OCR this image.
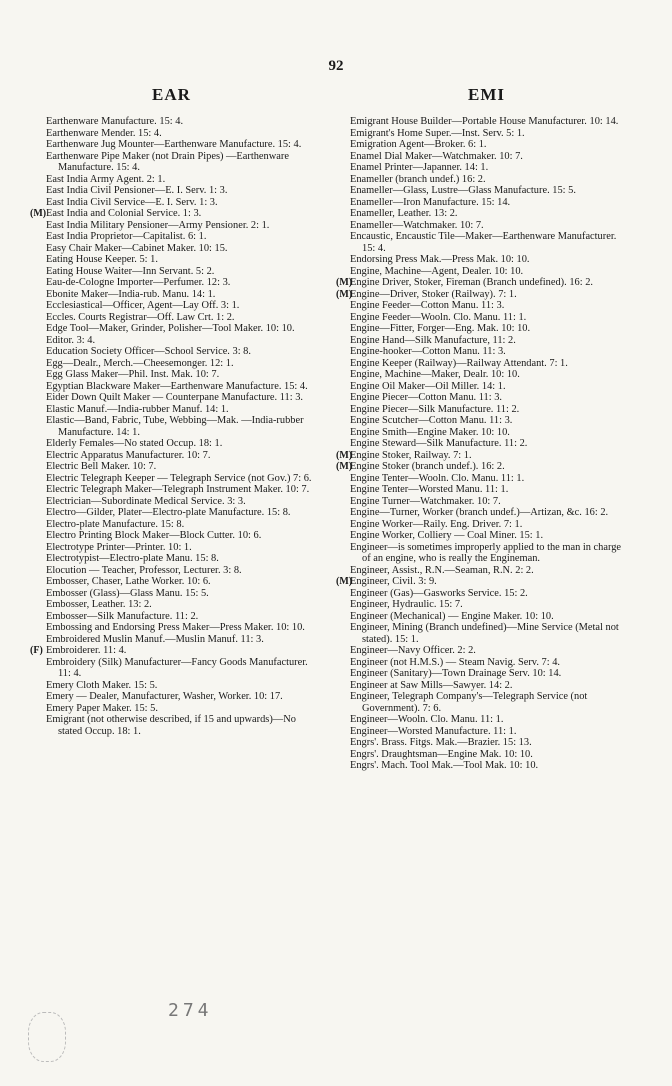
92
EAR	EMI

Earthenware Manufacture. 15: 4.

Earthenware Mender. 15: 4.

Earthenware Jug Mounter—Earthenware Manufacture. 15: 4.

Earthenware Pipe Maker (not Drain Pipes) —Earthenware Manufacture. 15: 4.

East India Army Agent. 2: 1.

East India Civil Pensioner—E. I. Serv. 1: 3.

East India Civil Service—E. I. Serv. 1: 3.

(M) East India and Colonial Service. 1: 3.

East India Military Pensioner—Army Pensioner. 2: 1.

East India Proprietor—Capitalist. 6: 1.

Easy Chair Maker—Cabinet Maker. 10: 15.

Eating House Keeper. 5: 1.

Eating House Waiter—Inn Servant. 5: 2.

Eau-de-Cologne Importer—Perfumer. 12: 3.

Ebonite Maker—India-rub. Manu. 14: 1.

Ecclesiastical—Officer, Agent—Lay Off. 3: 1.

Eccles. Courts Registrar—Off. Law Crt. 1: 2.

Edge Tool—Maker, Grinder, Polisher—Tool Maker. 10: 10.

Editor. 3: 4.

Education Society Officer—School Service. 3: 8.

Egg—Dealr., Merch.—Cheesemonger. 12: 1.

Egg Glass Maker—Phil. Inst. Mak. 10: 7.

Egyptian Blackware Maker—Earthenware Manufacture. 15: 4.

Eider Down Quilt Maker — Counterpane Manufacture. 11: 3.

Elastic Manuf.—India-rubber Manuf. 14: 1.

Elastic—Band, Fabric, Tube, Webbing—Mak. —India-rubber Manufacture. 14: 1.

Elderly Females—No stated Occup. 18: 1.

Electric Apparatus Manufacturer. 10: 7.

Electric Bell Maker. 10: 7.

Electric Telegraph Keeper — Telegraph Service (not Gov.) 7: 6.

Electric Telegraph Maker—Telegraph Instrument Maker. 10: 7.

Electrician—Subordinate Medical Service. 3: 3.

Electro—Gilder, Plater—Electro-plate Manufacture. 15: 8.

Electro-plate Manufacture. 15: 8.

Electro Printing Block Maker—Block Cutter. 10: 6.

Electrotype Printer—Printer. 10: 1.

Electrotypist—Electro-plate Manu. 15: 8.

Elocution — Teacher, Professor, Lecturer. 3: 8.

Embosser, Chaser, Lathe Worker. 10: 6.

Embosser (Glass)—Glass Manu. 15: 5.

Embosser, Leather. 13: 2.

Embosser—Silk Manufacture. 11: 2.

Embossing and Endorsing Press Maker—Press Maker. 10: 10.

Embroidered Muslin Manuf.—Muslin Manuf. 11: 3.

(F) Embroiderer. 11: 4.

Embroidery (Silk) Manufacturer—Fancy Goods Manufacturer. 11: 4.

Emery Cloth Maker. 15: 5.

Emery — Dealer, Manufacturer, Washer, Worker. 10: 17.

Emery Paper Maker. 15: 5.

Emigrant (not otherwise described, if 15 and upwards)—No stated Occup. 18: 1.

Emigrant House Builder—Portable House Manufacturer. 10: 14.

Emigrant's Home Super.—Inst. Serv. 5: 1.

Emigration Agent—Broker. 6: 1.

Enamel Dial Maker—Watchmaker. 10: 7.

Enamel Printer—Japanner. 14: 1.

Enameller (branch undef.) 16: 2.

Enameller—Glass, Lustre—Glass Manufacture. 15: 5.

Enameller—Iron Manufacture. 15: 14.

Enameller, Leather. 13: 2.

Enameller—Watchmaker. 10: 7.

Encaustic, Encaustic Tile—Maker—Earthenware Manufacturer. 15: 4.

Endorsing Press Mak.—Press Mak. 10: 10.

Engine, Machine—Agent, Dealer. 10: 10.

(M)
Engine Driver, Stoker, Fireman (Branch undefined). 16: 2.

(M)
Engine—Driver, Stoker (Railway). 7: 1.

Engine Feeder—Cotton Manu. 11: 3.

Engine Feeder—Wooln. Clo. Manu. 11: 1.

Engine—Fitter, Forger—Eng. Mak. 10: 10.

Engine Hand—Silk Manufacture, 11: 2.

Engine-hooker—Cotton Manu. 11: 3.

Engine Keeper (Railway)—Railway Attendant. 7: 1.

Engine, Machine—Maker, Dealr. 10: 10.

Engine Oil Maker—Oil Miller. 14: 1.

Engine Piecer—Cotton Manu. 11: 3.

Engine Piecer—Silk Manufacture. 11: 2.

Engine Scutcher—Cotton Manu. 11: 3.

Engine Smith—Engine Maker. 10: 10.

Engine Steward—Silk Manufacture. 11: 2.

(M)
Engine Stoker, Railway. 7: 1.

(M)
Engine Stoker (branch undef.). 16: 2.

Engine Tenter—Wooln. Clo. Manu. 11: 1.

Engine Tenter—Worsted Manu. 11: 1.

Engine Turner—Watchmaker. 10: 7.

Engine—Turner, Worker (branch undef.)—Artizan, &c. 16: 2.

Engine Worker—Raily. Eng. Driver. 7: 1.

Engine Worker, Colliery — Coal Miner. 15: 1.

Engineer—is sometimes improperly applied to the man in charge of an engine, who is really the Engineman.

Engineer, Assist., R.N.—Seaman, R.N. 2: 2.

(M)
Engineer, Civil. 3: 9.

Engineer (Gas)—Gasworks Service. 15: 2.

Engineer, Hydraulic. 15: 7.

Engineer (Mechanical) — Engine Maker. 10: 10.

Engineer, Mining (Branch undefined)—Mine Service (Metal not stated). 15: 1.

Engineer—Navy Officer. 2: 2.

Engineer (not H.M.S.) — Steam Navig. Serv. 7: 4.

Engineer (Sanitary)—Town Drainage Serv. 10: 14.

Engineer at Saw Mills—Sawyer. 14: 2.

Engineer, Telegraph Company's—Telegraph Service (not Government). 7: 6.

Engineer—Wooln. Clo. Manu. 11: 1.

Engineer—Worsted Manufacture. 11: 1.

Engrs'. Brass. Fitgs. Mak.—Brazier. 15: 13.

Engrs'. Draughtsman—Engine Mak. 10: 10.

Engrs'. Mach. Tool Mak.—Tool Mak. 10: 10.

274
